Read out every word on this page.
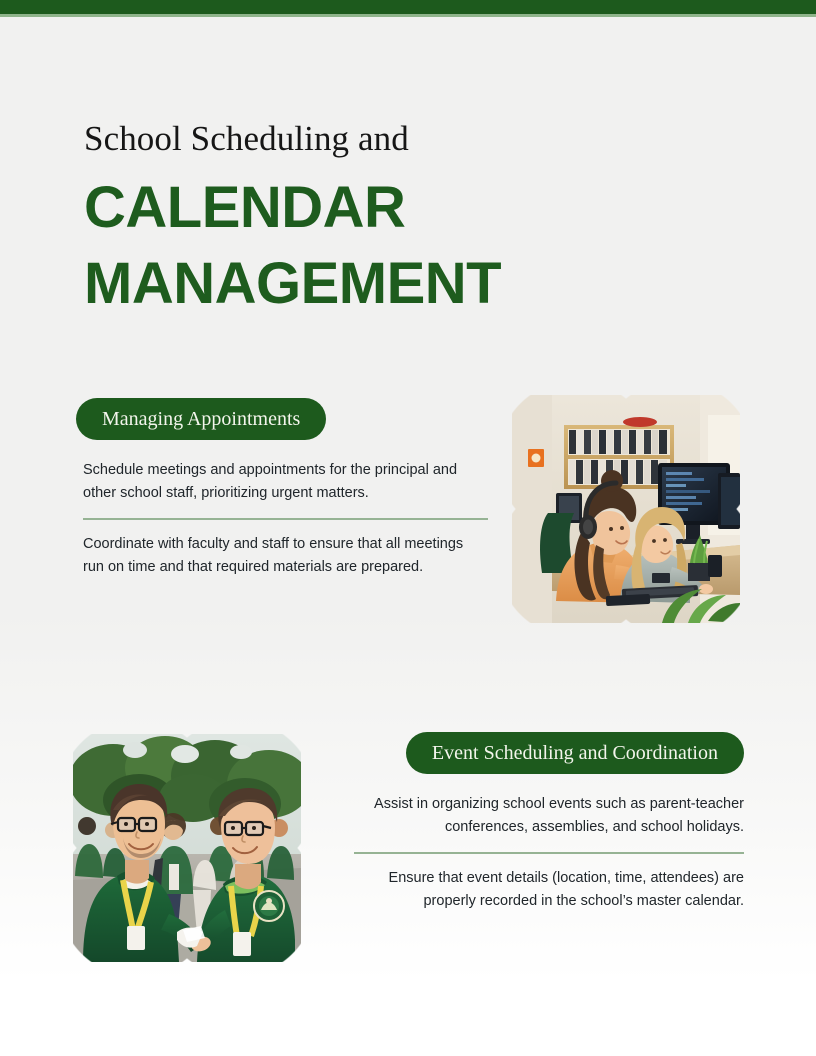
School Scheduling and
CALENDAR
MANAGEMENT
Managing Appointments

Schedule meetings and appointments for the principal and other school staff, prioritizing urgent matters.

Coordinate with faculty and staff to ensure that all meetings run on time and that required materials are prepared.

Event Scheduling and Coordination

Assist in organizing school events such as parent-teacher conferences, assemblies, and school holidays.

Ensure that event details (location, time, attendees) are properly recorded in the school’s master calendar.
